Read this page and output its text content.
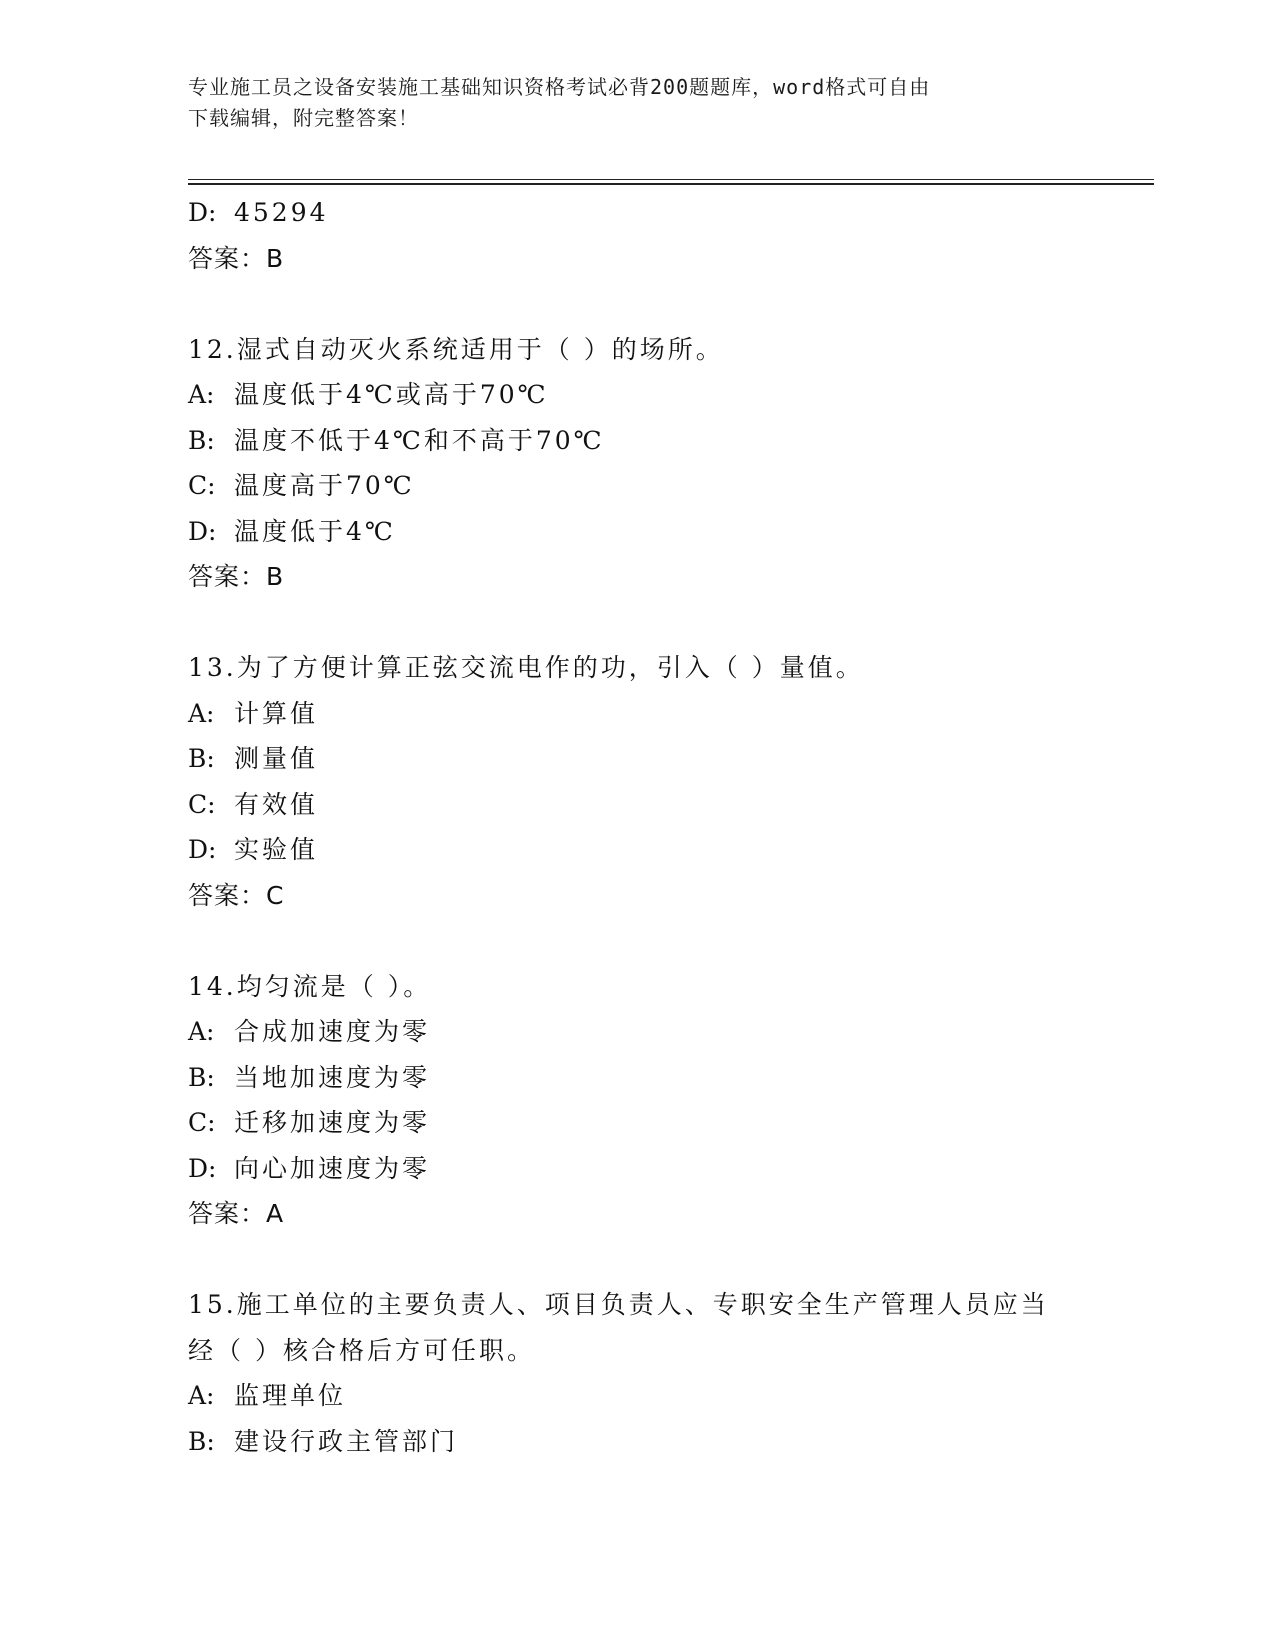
专业施工员之设备安装施工基础知识资格考试必背200题题库，word格式可自由
下载编辑，附完整答案！
D: 45294
答案：B
12.湿式自动灭火系统适用于（ ）的场所。
A: 温度低于4℃或高于70℃
B: 温度不低于4℃和不高于70℃
C: 温度高于70℃
D: 温度低于4℃
答案：B
13.为了方便计算正弦交流电作的功，引入（ ）量值。
A: 计算值
B: 测量值
C: 有效值
D: 实验值
答案：C
14.均匀流是（ ）。
A: 合成加速度为零
B: 当地加速度为零
C: 迁移加速度为零
D: 向心加速度为零
答案：A
15.施工单位的主要负责人、项目负责人、专职安全生产管理人员应当
经（ ）核合格后方可任职。
A: 监理单位
B: 建设行政主管部门
